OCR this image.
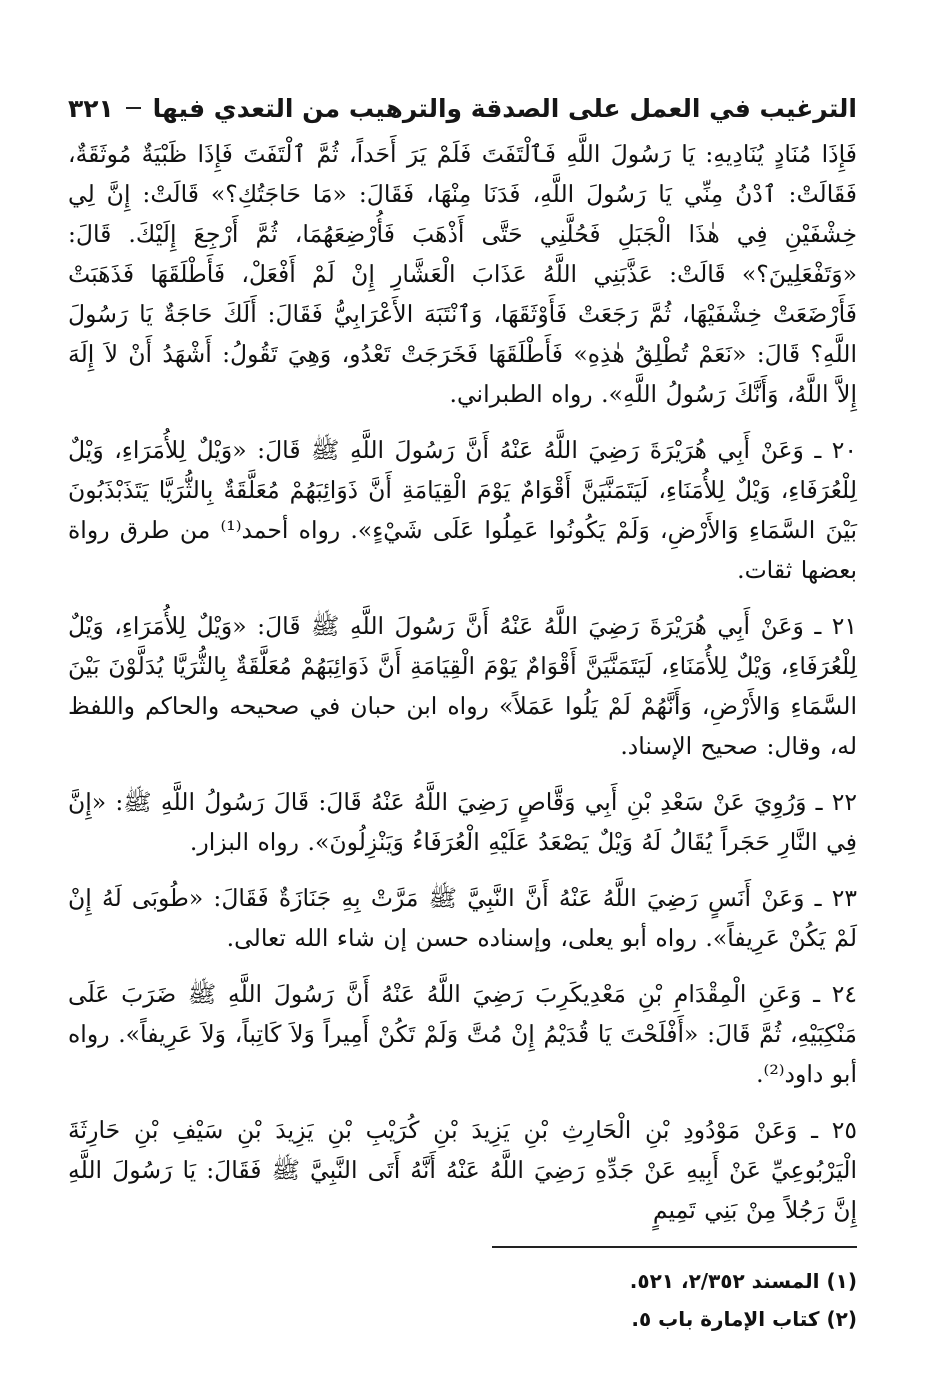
الترغيب في العمل على الصدقة والترهيب من التعدي فيها
٣٢١

فَإِذَا مُنَادٍ يُنَادِيهِ: يَا رَسُولَ اللَّهِ فَٱلْتَفَتَ فَلَمْ يَرَ أَحَداً، ثُمَّ ٱلْتَفَتَ فَإِذَا ظَبْيَةٌ مُوثَقَةٌ، فَقَالَتْ: ٱدْنُ مِنِّي يَا رَسُولَ اللَّهِ، فَدَنَا مِنْهَا، فَقَالَ: «مَا حَاجَتُكِ؟» قَالَتْ: إِنَّ لِي خِشْفَيْنِ فِي هٰذَا الْجَبَلِ فَحُلَّنِي حَتَّى أَذْهَبَ فَأُرْضِعَهُمَا، ثُمَّ أَرْجِعَ إِلَيْكَ. قَالَ: «وَتَفْعَلِينَ؟» قَالَتْ: عَذَّبَنِي اللَّهُ عَذَابَ الْعَشَّارِ إِنْ لَمْ أَفْعَلْ، فَأَطْلَقَهَا فَذَهَبَتْ فَأَرْضَعَتْ خِشْفَيْهَا، ثُمَّ رَجَعَتْ فَأَوْثَقَهَا، وَٱنْتَبَهَ الأَعْرَابِيُّ فَقَالَ: أَلَكَ حَاجَةٌ يَا رَسُولَ اللَّهِ؟ قَالَ: «نَعَمْ تُطْلِقُ هٰذِهِ» فَأَطْلَقَهَا فَخَرَجَتْ تَعْدُو، وَهِيَ تَقُولُ: أَشْهَدُ أَنْ لاَ إِلَهَ إِلاَّ اللَّهُ، وَأَنَّكَ رَسُولُ اللَّهِ». رواه الطبراني.

٢٠ ـ وَعَنْ أَبِي هُرَيْرَةَ رَضِيَ اللَّهُ عَنْهُ أَنَّ رَسُولَ اللَّهِ ﷺ قَالَ: «وَيْلٌ لِلأُمَرَاءِ، وَيْلٌ لِلْعُرَفَاءِ، وَيْلٌ لِلأُمَنَاءِ، لَيَتَمَنَّيَنَّ أَقْوَامٌ يَوْمَ الْقِيَامَةِ أَنَّ ذَوَائِبَهُمْ مُعَلَّقَةٌ بِالثُّرَيَّا يَتَذَبْذَبُونَ بَيْنَ السَّمَاءِ وَالأَرْضِ، وَلَمْ يَكُونُوا عَمِلُوا عَلَى شَيْءٍ». رواه أحمد⁽¹⁾ من طرق رواة بعضها ثقات.

٢١ ـ وَعَنْ أَبِي هُرَيْرَةَ رَضِيَ اللَّهُ عَنْهُ أَنَّ رَسُولَ اللَّهِ ﷺ قَالَ: «وَيْلٌ لِلأُمَرَاءِ، وَيْلٌ لِلْعُرَفَاءِ، وَيْلٌ لِلأُمَنَاءِ، لَيَتَمَنَّيَنَّ أَقْوَامٌ يَوْمَ الْقِيَامَةِ أَنَّ ذَوَائِبَهُمْ مُعَلَّقَةٌ بِالثُّرَيَّا يُدَلَّوْنَ بَيْنَ السَّمَاءِ وَالأَرْضِ، وَأَنَّهُمْ لَمْ يَلُوا عَمَلاً» رواه ابن حبان في صحيحه والحاكم واللفظ له، وقال: صحيح الإسناد.

٢٢ ـ وَرُوِيَ عَنْ سَعْدِ بْنِ أَبِي وَقَّاصٍ رَضِيَ اللَّهُ عَنْهُ قَالَ: قَالَ رَسُولُ اللَّهِ ﷺ: «إِنَّ فِي النَّارِ حَجَراً يُقَالُ لَهُ وَيْلٌ يَصْعَدُ عَلَيْهِ الْعُرَفَاءُ وَيَنْزِلُونَ». رواه البزار.

٢٣ ـ وَعَنْ أَنَسٍ رَضِيَ اللَّهُ عَنْهُ أَنَّ النَّبِيَّ ﷺ مَرَّتْ بِهِ جَنَازَةٌ فَقَالَ: «طُوبَى لَهُ إِنْ لَمْ يَكُنْ عَرِيفاً». رواه أبو يعلى، وإسناده حسن إن شاء الله تعالى.

٢٤ ـ وَعَنِ الْمِقْدَامِ بْنِ مَعْدِيكَرِبَ رَضِيَ اللَّهُ عَنْهُ أَنَّ رَسُولَ اللَّهِ ﷺ ضَرَبَ عَلَى مَنْكِبَيْهِ، ثُمَّ قَالَ: «أَفْلَحْتَ يَا قُدَيْمُ إِنْ مُتَّ وَلَمْ تَكُنْ أَمِيراً وَلاَ كَاتِباً، وَلاَ عَرِيفاً». رواه أبو داود⁽²⁾.

٢٥ ـ وَعَنْ مَوْدُودِ بْنِ الْحَارِثِ بْنِ يَزِيدَ بْنِ كُرَيْبِ بْنِ يَزِيدَ بْنِ سَيْفِ بْنِ حَارِثَةَ الْيَرْبُوعِيِّ عَنْ أَبِيهِ عَنْ جَدِّهِ رَضِيَ اللَّهُ عَنْهُ أَنَّهُ أَتَى النَّبِيَّ ﷺ فَقَالَ: يَا رَسُولَ اللَّهِ إِنَّ رَجُلاً مِنْ بَنِي تَمِيمٍ

(١) المسند ٢/٣٥٢، ٥٢١.

(٢) كتاب الإمارة باب ٥.
